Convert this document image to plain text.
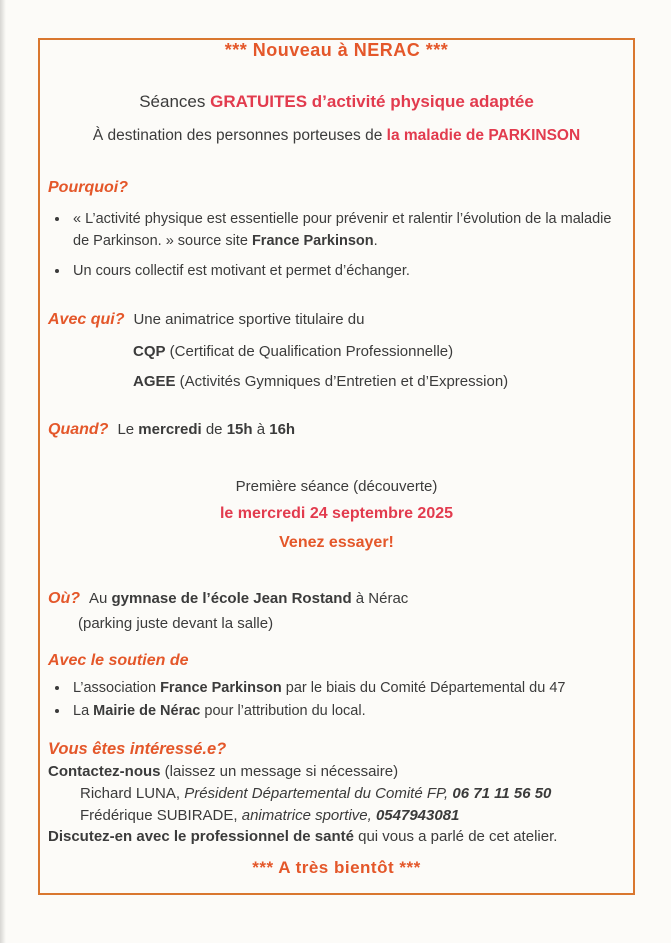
*** Nouveau à NERAC ***
Séances GRATUITES d’activité physique adaptée
À destination des personnes porteuses de la maladie de PARKINSON
Pourquoi?
« L’activité physique est essentielle pour prévenir et ralentir l’évolution de la maladie de Parkinson. » source site France Parkinson.
Un cours collectif est motivant et permet d’échanger.
Avec qui? Une animatrice sportive titulaire du
CQP (Certificat de Qualification Professionnelle)
AGEE (Activités Gymniques d’Entretien et d’Expression)
Quand? Le mercredi de 15h à 16h
Première séance (découverte)
le mercredi 24 septembre 2025
Venez essayer!
Où? Au gymnase de l’école Jean Rostand à Nérac
(parking juste devant la salle)
Avec le soutien de
L’association France Parkinson par le biais du Comité Départemental du 47
La Mairie de Nérac pour l’attribution du local.
Vous êtes intéressé.e?
Contactez-nous (laissez un message si nécessaire)
Richard LUNA, Président Départemental du Comité FP, 06 71 11 56 50
Frédérique SUBIRADE, animatrice sportive, 0547943081
Discutez-en avec le professionnel de santé qui vous a parlé de cet atelier.
*** A très bientôt ***
